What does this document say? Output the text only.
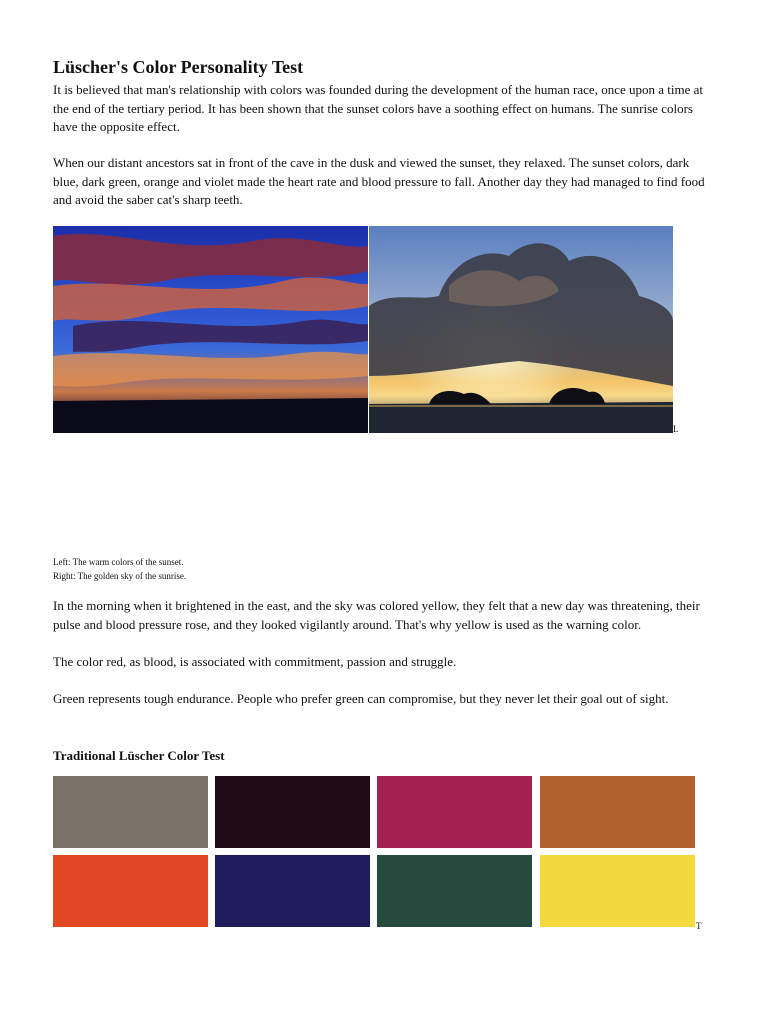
Lüscher's Color Personality Test

It is believed that man's relationship with colors was founded during the development of the human race, once upon a time at the end of the tertiary period. It has been shown that the sunset colors have a soothing effect on humans. The sunrise colors have the opposite effect.

When our distant ancestors sat in front of the cave in the dusk and viewed the sunset, they relaxed. The sunset colors, dark blue, dark green, orange and violet made the heart rate and blood pressure to fall. Another day they had managed to find food and avoid the saber cat's sharp teeth.

L

Left: The warm colors of the sunset.

Right: The golden sky of the sunrise.

In the morning when it brightened in the east, and the sky was colored yellow, they felt that a new day was threatening, their pulse and blood pressure rose, and they looked vigilantly around. That's why yellow is used as the warning color.

The color red, as blood, is associated with commitment, passion and struggle.

Green represents tough endurance. People who prefer green can compromise, but they never let their goal out of sight.

Traditional Lüscher Color Test
T
